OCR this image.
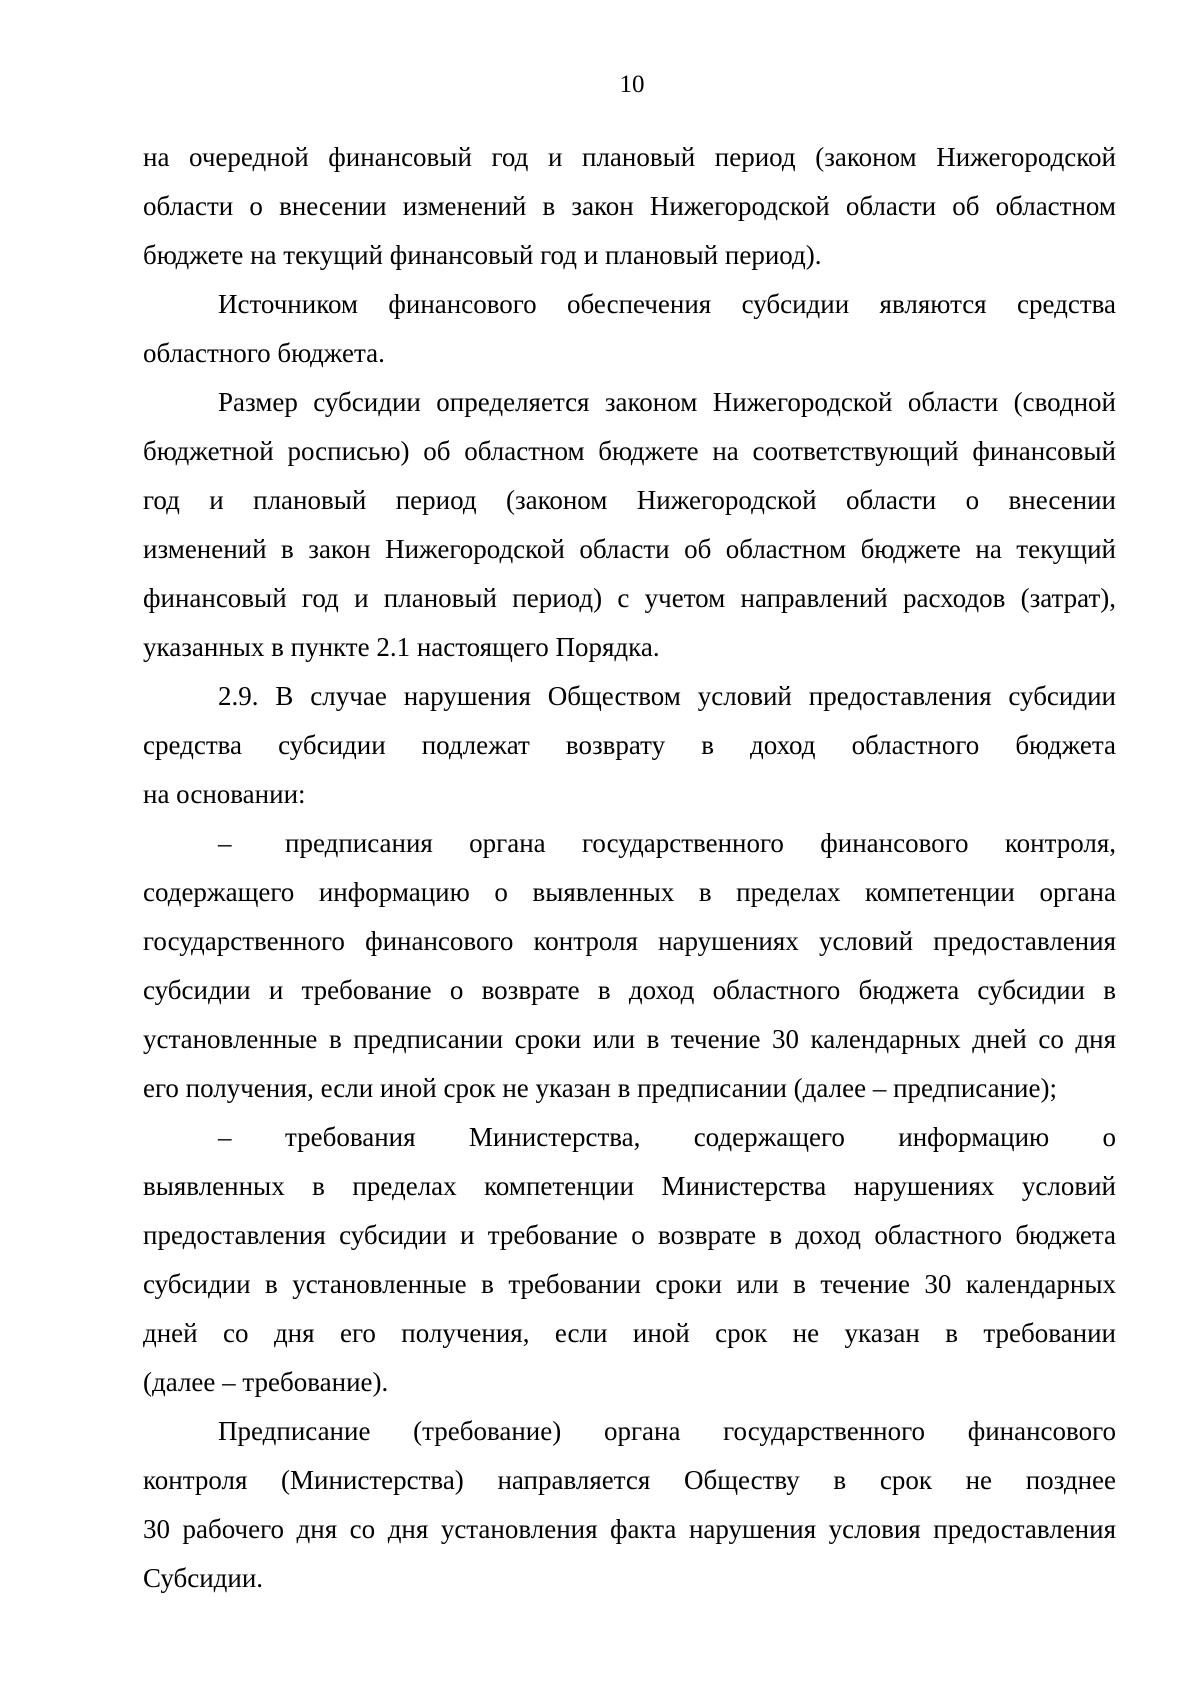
10
на очередной финансовый год и плановый период (законом Нижегородской
области о внесении изменений в закон Нижегородской области об областном
бюджете на текущий финансовый год и плановый период).
Источником финансового обеспечения субсидии являются средства
областного бюджета.
Размер субсидии определяется законом Нижегородской области (сводной
бюджетной росписью) об областном бюджете на соответствующий финансовый
год и плановый период (законом Нижегородской области о внесении
изменений в закон Нижегородской области об областном бюджете на текущий
финансовый год и плановый период) с учетом направлений расходов (затрат),
указанных в пункте 2.1 настоящего Порядка.
2.9. В случае нарушения Обществом условий предоставления субсидии
средства субсидии подлежат возврату в доход областного бюджета
на основании:
– предписания органа государственного финансового контроля,
содержащего информацию о выявленных в пределах компетенции органа
государственного финансового контроля нарушениях условий предоставления
субсидии и требование о возврате в доход областного бюджета субсидии в
установленные в предписании сроки или в течение 30 календарных дней со дня
его получения, если иной срок не указан в предписании (далее – предписание);
– требования Министерства, содержащего информацию о
выявленных в пределах компетенции Министерства нарушениях условий
предоставления субсидии и требование о возврате в доход областного бюджета
субсидии в установленные в требовании сроки или в течение 30 календарных
дней со дня его получения, если иной срок не указан в требовании
(далее – требование).
Предписание (требование) органа государственного финансового
контроля (Министерства) направляется Обществу в срок не позднее
30 рабочего дня со дня установления факта нарушения условия предоставления
Субсидии.
